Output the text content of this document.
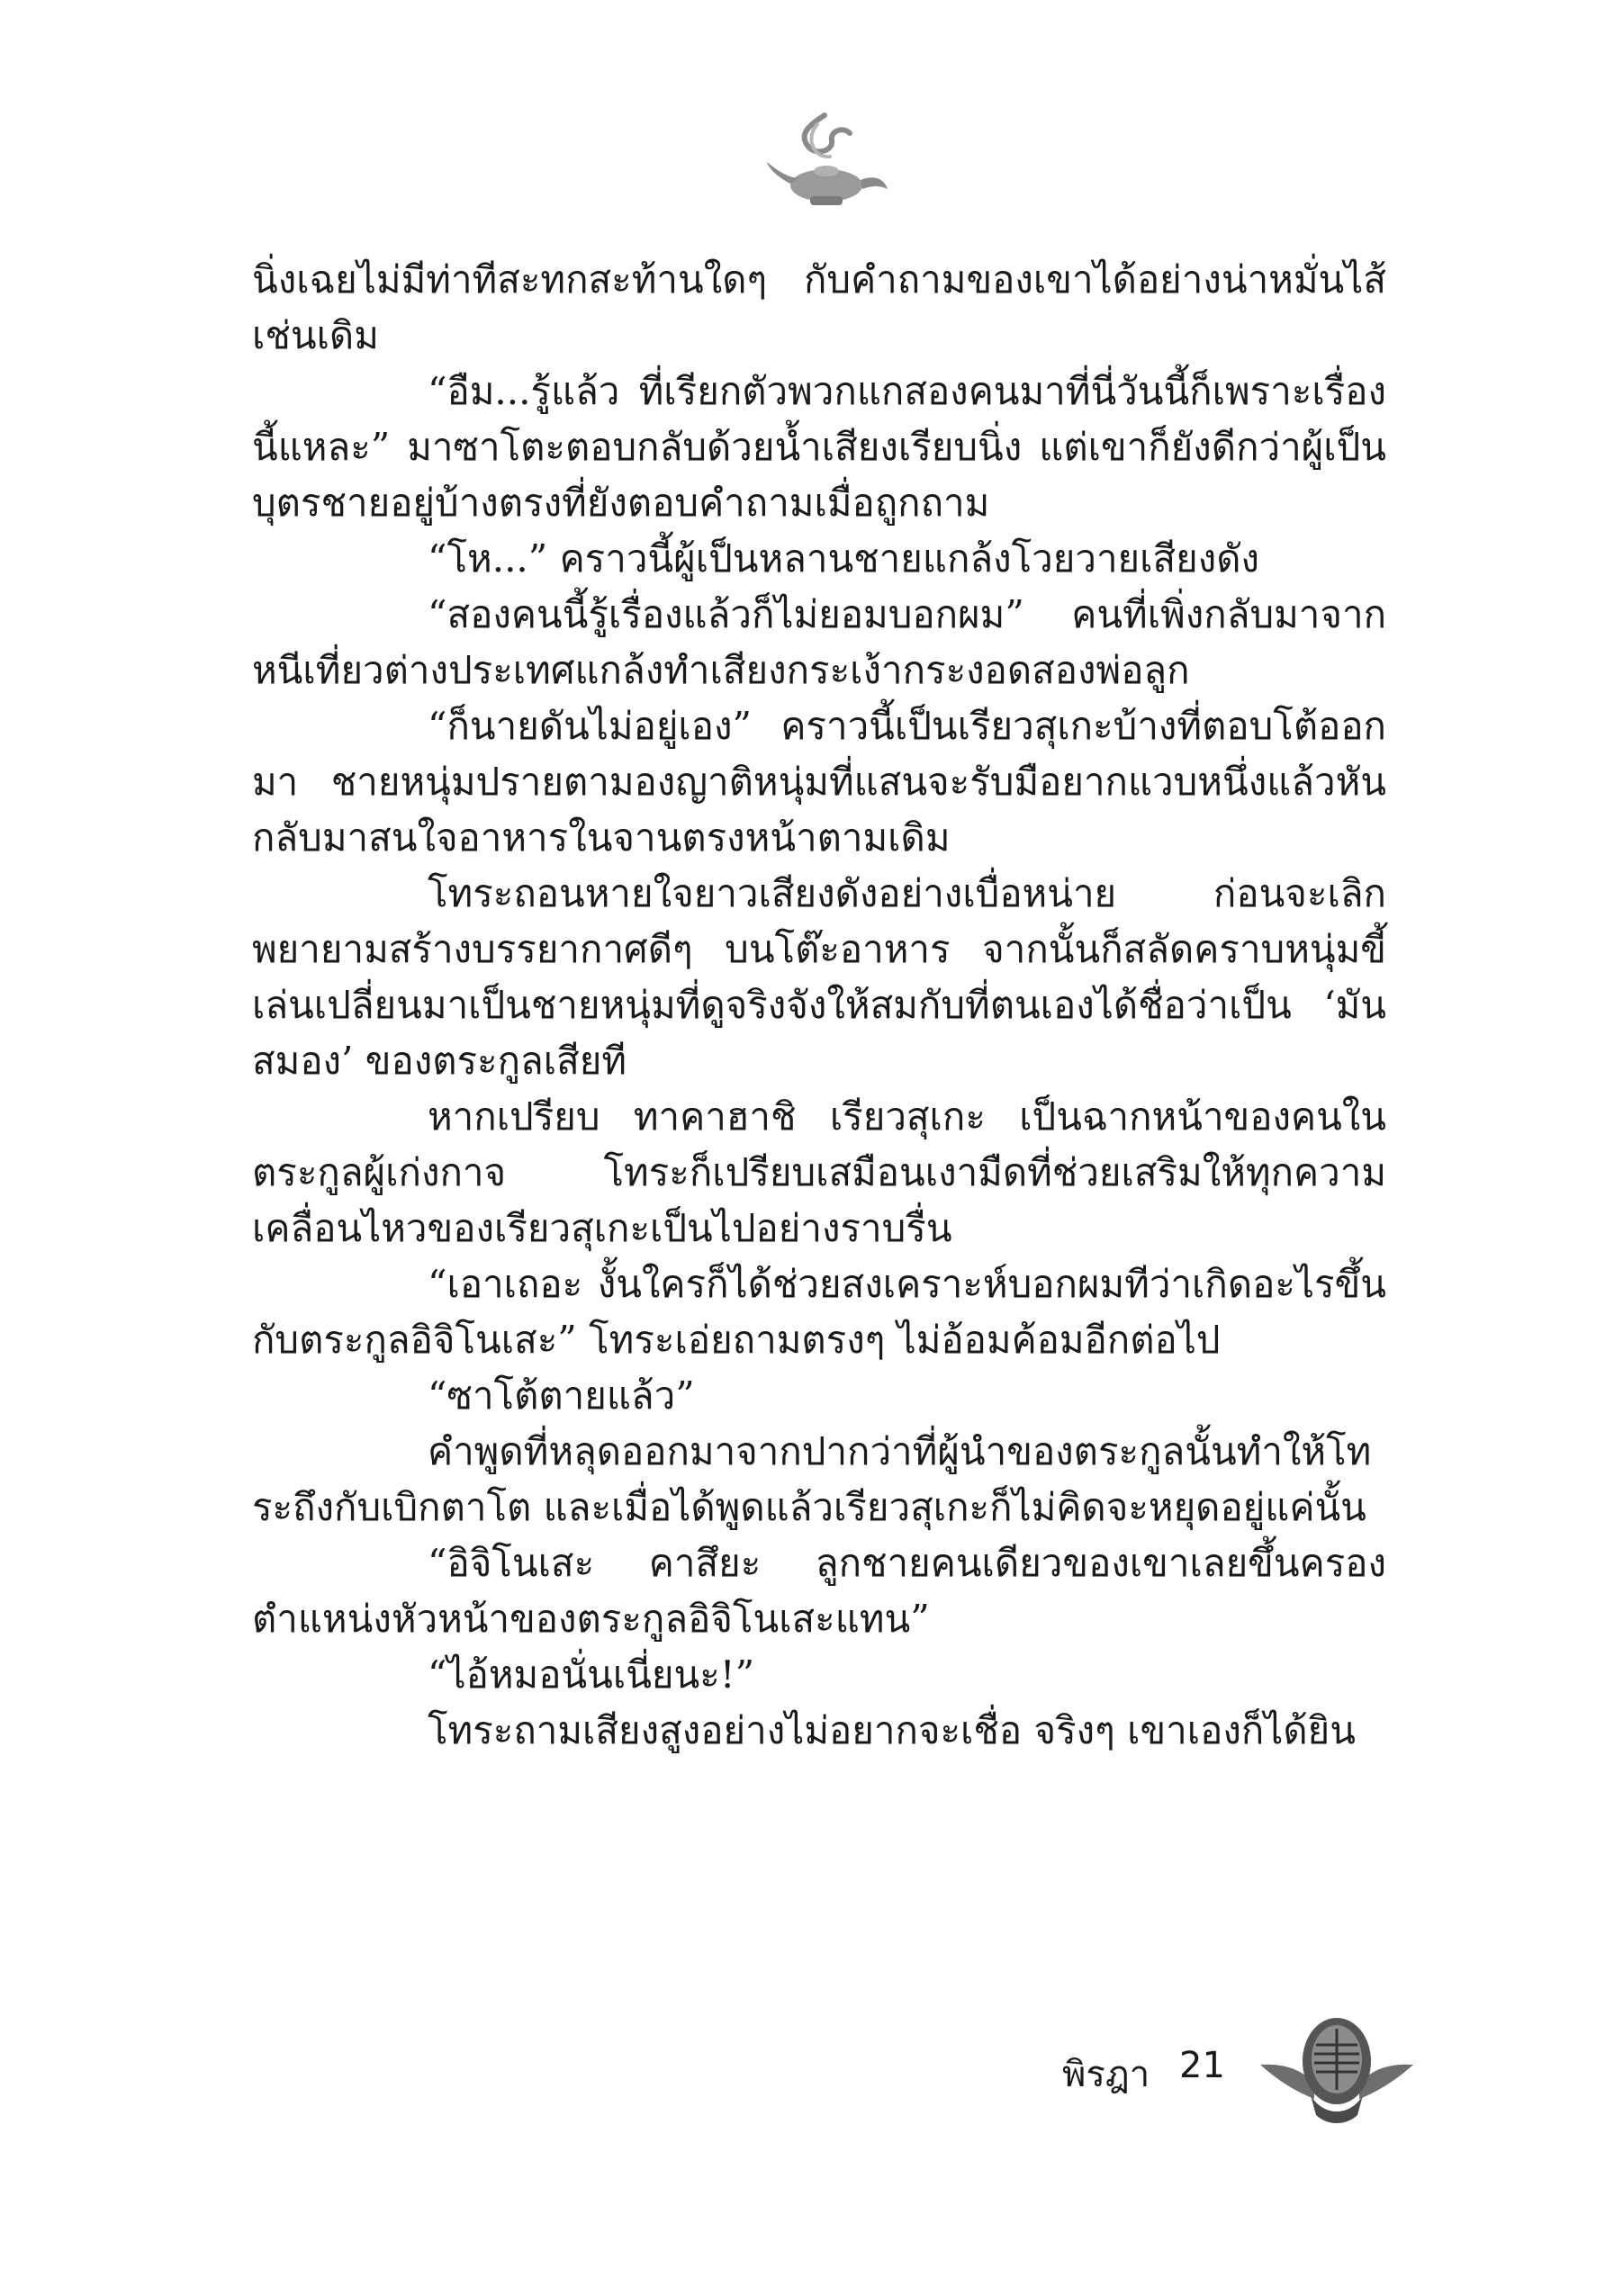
นิ่งเฉยไม่มีท่าทีสะทกสะท้านใดๆ กับคำถามของเขาได้อย่างน่าหมั่นไส้เช่นเดิม

“อืม...รู้แล้ว ที่เรียกตัวพวกแกสองคนมาที่นี่วันนี้ก็เพราะเรื่องนี้แหละ” มาซาโตะตอบกลับด้วยน้ำเสียงเรียบนิ่ง แต่เขาก็ยังดีกว่าผู้เป็นบุตรชายอยู่บ้างตรงที่ยังตอบคำถามเมื่อถูกถาม

“โห...” คราวนี้ผู้เป็นหลานชายแกล้งโวยวายเสียงดัง

“สองคนนี้รู้เรื่องแล้วก็ไม่ยอมบอกผม” คนที่เพิ่งกลับมาจากหนีเที่ยวต่างประเทศแกล้งทำเสียงกระเง้ากระงอดสองพ่อลูก

“ก็นายดันไม่อยู่เอง” คราวนี้เป็นเรียวสุเกะบ้างที่ตอบโต้ออกมา ชายหนุ่มปรายตามองญาติหนุ่มที่แสนจะรับมือยากแวบหนึ่งแล้วหันกลับมาสนใจอาหารในจานตรงหน้าตามเดิม

โทระถอนหายใจยาวเสียงดังอย่างเบื่อหน่าย ก่อนจะเลิกพยายามสร้างบรรยากาศดีๆ บนโต๊ะอาหาร จากนั้นก็สลัดคราบหนุ่มขี้เล่นเปลี่ยนมาเป็นชายหนุ่มที่ดูจริงจังให้สมกับที่ตนเองได้ชื่อว่าเป็น ‘มันสมอง’ ของตระกูลเสียที

หากเปรียบ ทาคาฮาชิ เรียวสุเกะ เป็นฉากหน้าของคนในตระกูลผู้เก่งกาจ โทระก็เปรียบเสมือนเงามืดที่ช่วยเสริมให้ทุกความเคลื่อนไหวของเรียวสุเกะเป็นไปอย่างราบรื่น

“เอาเถอะ งั้นใครก็ได้ช่วยสงเคราะห์บอกผมทีว่าเกิดอะไรขึ้นกับตระกูลอิจิโนเสะ” โทระเอ่ยถามตรงๆ ไม่อ้อมค้อมอีกต่อไป

“ซาโต้ตายแล้ว”

คำพูดที่หลุดออกมาจากปากว่าที่ผู้นำของตระกูลนั้นทำให้โทระถึงกับเบิกตาโต และเมื่อได้พูดแล้วเรียวสุเกะก็ไม่คิดจะหยุดอยู่แค่นั้น

“อิจิโนเสะ คาสึยะ ลูกชายคนเดียวของเขาเลยขึ้นครองตำแหน่งหัวหน้าของตระกูลอิจิโนเสะแทน”

“ไอ้หมอนั่นเนี่ยนะ!”

โทระถามเสียงสูงอย่างไม่อยากจะเชื่อ จริงๆ เขาเองก็ได้ยิน

พิรฎา 21
